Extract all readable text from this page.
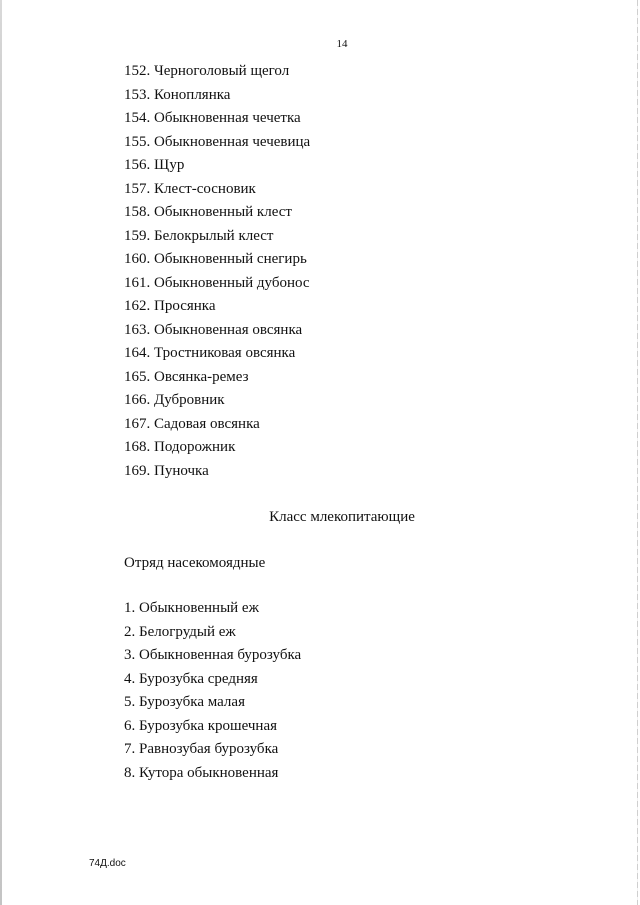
14
152. Черноголовый щегол
153. Коноплянка
154. Обыкновенная чечетка
155. Обыкновенная чечевица
156. Щур
157. Клест-сосновик
158. Обыкновенный клест
159. Белокрылый клест
160. Обыкновенный снегирь
161. Обыкновенный дубонос
162. Просянка
163. Обыкновенная овсянка
164. Тростниковая овсянка
165. Овсянка-ремез
166. Дубровник
167. Садовая овсянка
168. Подорожник
169. Пуночка
Класс млекопитающие
Отряд насекомоядные
1. Обыкновенный еж
2. Белогрудый еж
3. Обыкновенная бурозубка
4. Бурозубка средняя
5. Бурозубка малая
6. Бурозубка крошечная
7. Равнозубая бурозубка
8. Кутора обыкновенная
74Д.doc
